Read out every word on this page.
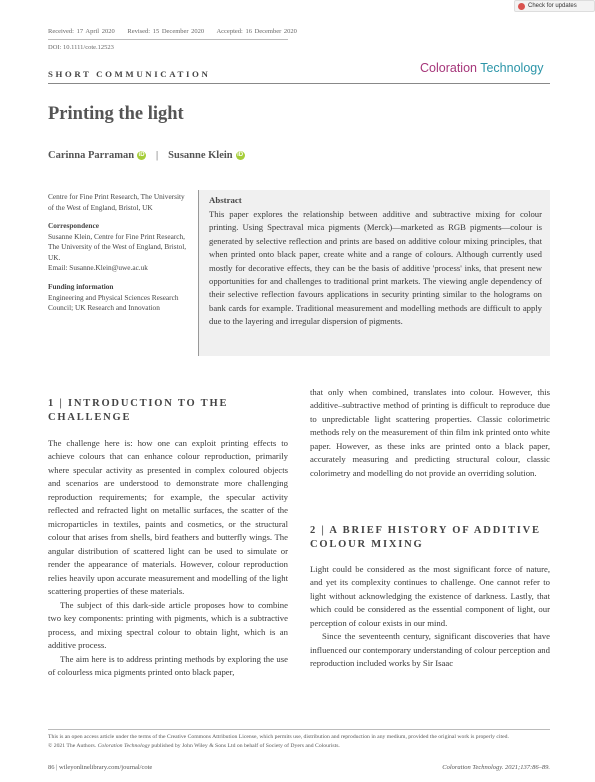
Check for updates
Received: 17 April 2020 Revised: 15 December 2020 Accepted: 16 December 2020
DOI: 10.1111/cote.12523
SHORT COMMUNICATION	Coloration Technology
Printing the light
Carinna Parraman iD | Susanne Klein iD
Centre for Fine Print Research, The University of the West of England, Bristol, UK
Correspondence
Susanne Klein, Centre for Fine Print Research, The University of the West of England, Bristol, UK.
Email: Susanne.Klein@uwe.ac.uk
Funding information
Engineering and Physical Sciences Research Council; UK Research and Innovation
Abstract
This paper explores the relationship between additive and subtractive mixing for colour printing. Using Spectraval mica pigments (Merck)—marketed as RGB pigments—colour is generated by selective reflection and prints are based on additive colour mixing principles, that when printed onto black paper, create white and a range of colours. Although currently used mostly for decorative effects, they can be the basis of additive 'process' inks, that present new opportunities for and challenges to traditional print markets. The viewing angle dependency of their selective reflection favours applications in security printing similar to the holograms on bank cards for example. Traditional measurement and modelling methods are difficult to apply due to the layering and irregular dispersion of pigments.
1 | INTRODUCTION TO THE CHALLENGE

The challenge here is: how one can exploit printing effects to achieve colours that can enhance colour reproduction, primarily where specular activity as presented in complex coloured objects and scenarios are understood to demonstrate more challenging reproduction requirements; for example, the specular activity reflected and refracted light on metallic surfaces, the scatter of the microparticles in textiles, paints and cosmetics, or the structural colour that arises from shells, bird feathers and butterfly wings. The angular distribution of scattered light can be used to simulate or render the appearance of materials. However, colour reproduction relies heavily upon accurate measurement and modelling of the light scattering properties of these materials.

The subject of this dark-side article proposes how to combine two key components: printing with pigments, which is a subtractive process, and mixing spectral colour to obtain light, which is an additive process.

The aim here is to address printing methods by exploring the use of colourless mica pigments printed onto black paper,

that only when combined, translates into colour. However, this additive–subtractive method of printing is difficult to reproduce due to unpredictable light scattering properties. Classic colorimetric methods rely on the measurement of thin film ink printed onto white paper. However, as these inks are printed onto a black paper, accurately measuring and predicting structural colour, classic colorimetry and modelling do not provide an overriding solution.

2 | A BRIEF HISTORY OF ADDITIVE COLOUR MIXING

Light could be considered as the most significant force of nature, and yet its complexity continues to challenge. One cannot refer to light without acknowledging the existence of darkness. Lastly, that which could be considered as the essential component of light, our perception of colour exists in our mind.

Since the seventeenth century, significant discoveries that have influenced our contemporary understanding of colour perception and reproduction included works by Sir Isaac

This is an open access article under the terms of the Creative Commons Attribution License, which permits use, distribution and reproduction in any medium, provided the original work is properly cited.
© 2021 The Authors. Coloration Technology published by John Wiley & Sons Ltd on behalf of Society of Dyers and Colourists.
86 | wileyonlinelibrary.com/journal/cote	Coloration Technology. 2021;137:86–89.
